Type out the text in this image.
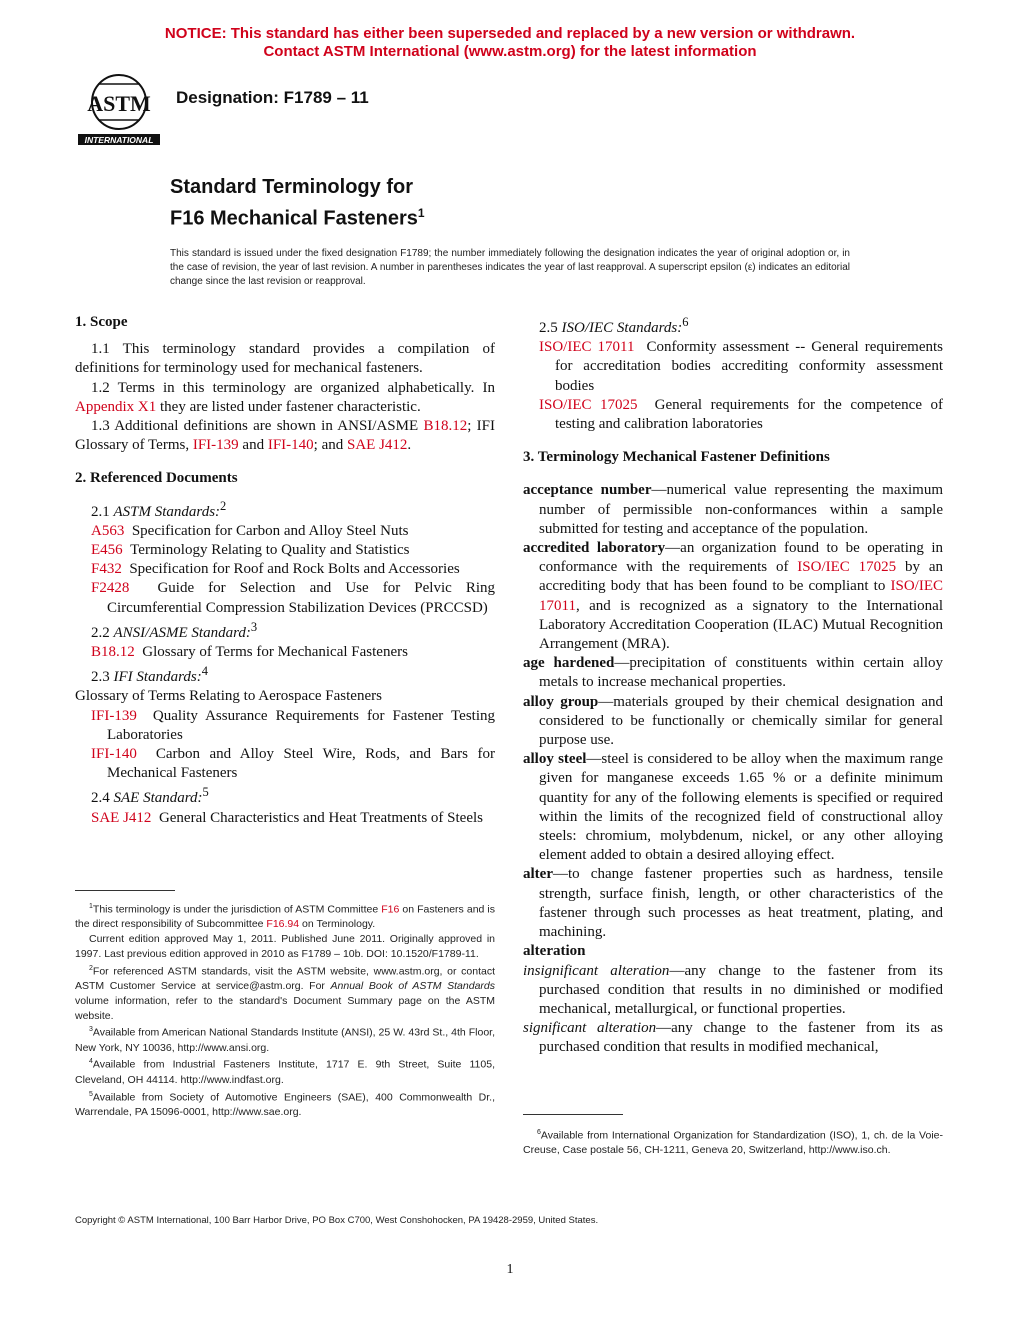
NOTICE: This standard has either been superseded and replaced by a new version or withdrawn.
Contact ASTM International (www.astm.org) for the latest information
ASTM
INTERNATIONAL
Designation: F1789 – 11
Standard Terminology for
F16 Mechanical Fasteners$^1$
This standard is issued under the fixed designation F1789; the number immediately following the designation indicates the year of original adoption or, in the case of revision, the year of last revision. A number in parentheses indicates the year of last reapproval. A superscript epsilon (ε) indicates an editorial change since the last revision or reapproval.

1. Scope

1.1 This terminology standard provides a compilation of definitions for terminology used for mechanical fasteners.

1.2 Terms in this terminology are organized alphabetically. In Appendix X1 they are listed under fastener characteristic.

1.3 Additional definitions are shown in ANSI/ASME B18.12; IFI Glossary of Terms, IFI-139 and IFI-140; and SAE J412.

2. Referenced Documents

2.1 ASTM Standards:$^2$

A563 Specification for Carbon and Alloy Steel Nuts

E456 Terminology Relating to Quality and Statistics

F432 Specification for Roof and Rock Bolts and Accessories

F2428 Guide for Selection and Use for Pelvic Ring Circumferential Compression Stabilization Devices (PRCCSD)

2.2 ANSI/ASME Standard:$^3$

B18.12 Glossary of Terms for Mechanical Fasteners

2.3 IFI Standards:$^4$

Glossary of Terms Relating to Aerospace Fasteners

IFI-139 Quality Assurance Requirements for Fastener Testing Laboratories

IFI-140 Carbon and Alloy Steel Wire, Rods, and Bars for Mechanical Fasteners

2.4 SAE Standard:$^5$

SAE J412 General Characteristics and Heat Treatments of Steels

2.5 ISO/IEC Standards:$^6$

ISO/IEC 17011 Conformity assessment -- General requirements for accreditation bodies accrediting conformity assessment bodies

ISO/IEC 17025 General requirements for the competence of testing and calibration laboratories

3. Terminology Mechanical Fastener Definitions

acceptance number—numerical value representing the maximum number of permissible non-conformances within a sample submitted for testing and acceptance of the population.

accredited laboratory—an organization found to be operating in conformance with the requirements of ISO/IEC 17025 by an accrediting body that has been found to be compliant to ISO/IEC 17011, and is recognized as a signatory to the International Laboratory Accreditation Cooperation (ILAC) Mutual Recognition Arrangement (MRA).

age hardened—precipitation of constituents within certain alloy metals to increase mechanical properties.

alloy group—materials grouped by their chemical designation and considered to be functionally or chemically similar for general purpose use.

alloy steel—steel is considered to be alloy when the maximum range given for manganese exceeds 1.65 % or a definite minimum quantity for any of the following elements is specified or required within the limits of the recognized field of constructional alloy steels: chromium, molybdenum, nickel, or any other alloying element added to obtain a desired alloying effect.

alter—to change fastener properties such as hardness, tensile strength, surface finish, length, or other characteristics of the fastener through such processes as heat treatment, plating, and machining.

alteration

insignificant alteration—any change to the fastener from its purchased condition that results in no diminished or modified mechanical, metallurgical, or functional properties.

significant alteration—any change to the fastener from its as purchased condition that results in modified mechanical,

$^1$This terminology is under the jurisdiction of ASTM Committee F16 on Fasteners and is the direct responsibility of Subcommittee F16.94 on Terminology.

Current edition approved May 1, 2011. Published June 2011. Originally approved in 1997. Last previous edition approved in 2010 as F1789 – 10b. DOI: 10.1520/F1789-11.

$^2$For referenced ASTM standards, visit the ASTM website, www.astm.org, or contact ASTM Customer Service at service@astm.org. For Annual Book of ASTM Standards volume information, refer to the standard's Document Summary page on the ASTM website.

$^3$Available from American National Standards Institute (ANSI), 25 W. 43rd St., 4th Floor, New York, NY 10036, http://www.ansi.org.

$^4$Available from Industrial Fasteners Institute, 1717 E. 9th Street, Suite 1105, Cleveland, OH 44114. http://www.indfast.org.

$^5$Available from Society of Automotive Engineers (SAE), 400 Commonwealth Dr., Warrendale, PA 15096-0001, http://www.sae.org.

$^6$Available from International Organization for Standardization (ISO), 1, ch. de la Voie-Creuse, Case postale 56, CH-1211, Geneva 20, Switzerland, http://www.iso.ch.

Copyright © ASTM International, 100 Barr Harbor Drive, PO Box C700, West Conshohocken, PA 19428-2959, United States.
1
